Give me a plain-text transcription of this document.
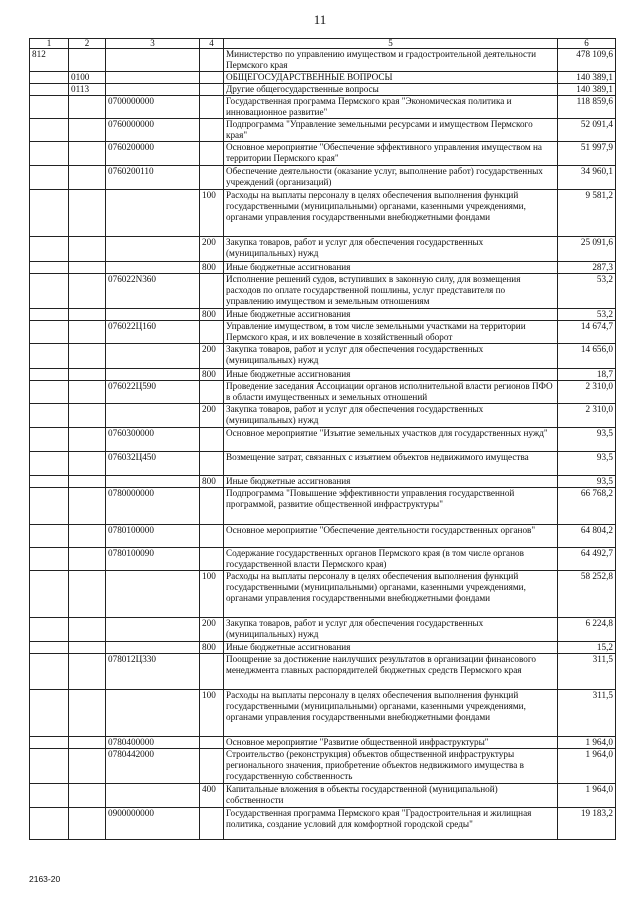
11
1	2	3	4	5	6
812				Министерство по управлению имуществом и градостроительной деятельности Пермского края	478 109,6
	0100			ОБЩЕГОСУДАРСТВЕННЫЕ ВОПРОСЫ	140 389,1
	0113			Другие общегосударственные вопросы	140 389,1
		0700000000		Государственная программа Пермского края "Экономическая политика и инновационное развитие"	118 859,6
		0760000000		Подпрограмма "Управление земельными ресурсами и имуществом Пермского края"	52 091,4
		0760200000		Основное мероприятие "Обеспечение эффективного управления имуществом на территории Пермского края"	51 997,9
		0760200110		Обеспечение деятельности (оказание услуг, выполнение работ) государственных учреждений (организаций)	34 960,1
			100	Расходы на выплаты персоналу в целях обеспечения выполнения функций государственными (муниципальными) органами, казенными учреждениями, органами управления государственными внебюджетными фондами	9 581,2
			200	Закупка товаров, работ и услуг для обеспечения государственных (муниципальных) нужд	25 091,6
			800	Иные бюджетные ассигнования	287,3
		076022N360		Исполнение решений судов, вступивших в законную силу, для возмещения расходов по оплате государственной пошлины, услуг представителя по управлению имуществом и земельным отношениям	53,2
			800	Иные бюджетные ассигнования	53,2
		076022Ц160		Управление имуществом, в том числе земельными участками на территории Пермского края, и их вовлечение в хозяйственный оборот	14 674,7
			200	Закупка товаров, работ и услуг для обеспечения государственных (муниципальных) нужд	14 656,0
			800	Иные бюджетные ассигнования	18,7
		076022Ц590		Проведение заседания Ассоциации органов исполнительной власти регионов ПФО в области имущественных и земельных отношений	2 310,0
			200	Закупка товаров, работ и услуг для обеспечения государственных (муниципальных) нужд	2 310,0
		0760300000		Основное мероприятие "Изъятие земельных участков для государственных нужд"	93,5
		076032Ц450		Возмещение затрат, связанных с изъятием объектов недвижимого имущества	93,5
			800	Иные бюджетные ассигнования	93,5
		0780000000		Подпрограмма "Повышение эффективности управления государственной программой, развитие общественной инфраструктуры"	66 768,2
		0780100000		Основное мероприятие "Обеспечение деятельности государственных органов"	64 804,2
		0780100090		Содержание государственных органов Пермского края (в том числе органов государственной власти Пермского края)	64 492,7
			100	Расходы на выплаты персоналу в целях обеспечения выполнения функций государственными (муниципальными) органами, казенными учреждениями, органами управления государственными внебюджетными фондами	58 252,8
			200	Закупка товаров, работ и услуг для обеспечения государственных (муниципальных) нужд	6 224,8
			800	Иные бюджетные ассигнования	15,2
		078012Ц330		Поощрение за достижение наилучших результатов в организации финансового менеджмента главных распорядителей бюджетных средств Пермского края	311,5
			100	Расходы на выплаты персоналу в целях обеспечения выполнения функций государственными (муниципальными) органами, казенными учреждениями, органами управления государственными внебюджетными фондами	311,5
		0780400000		Основное мероприятие "Развитие общественной инфраструктуры"	1 964,0
		0780442000		Строительство (реконструкция) объектов общественной инфраструктуры регионального значения, приобретение объектов недвижимого имущества в государственную собственность	1 964,0
			400	Капитальные вложения в объекты государственной (муниципальной) собственности	1 964,0
		0900000000		Государственная программа Пермского края "Градостроительная и жилищная политика, создание условий для комфортной городской среды"	19 183,2
2163-20
